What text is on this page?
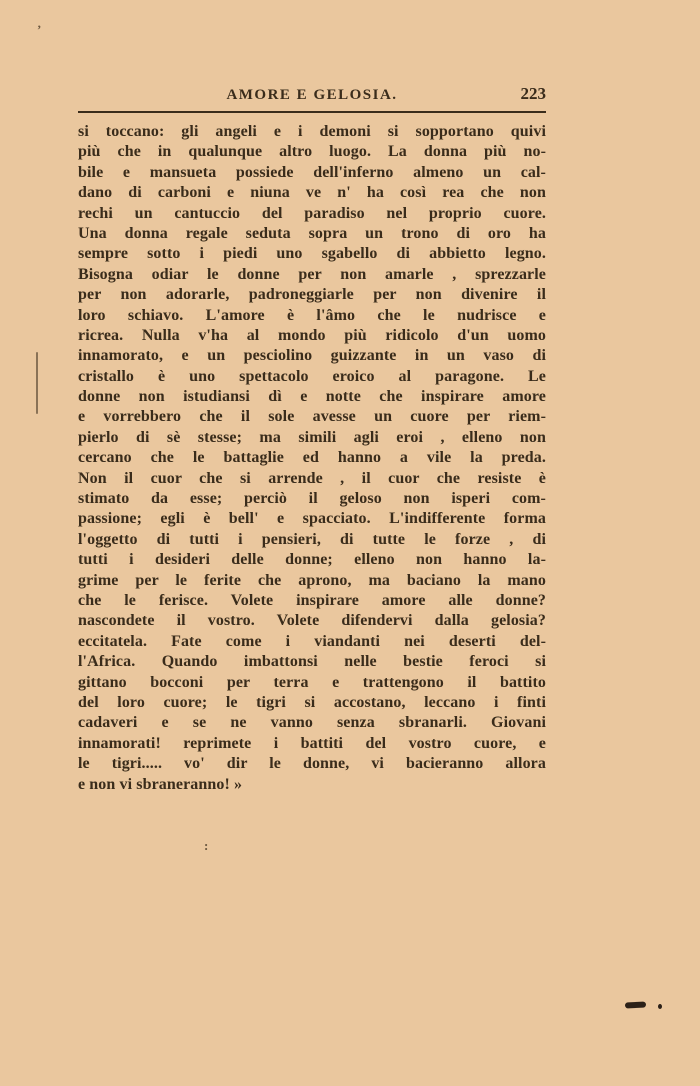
’
AMORE E GELOSIA.	223
si toccano: gli angeli e i demoni si sopportano quivi
più che in qualunque altro luogo. La donna più no-
bile e mansueta possiede dell'inferno almeno un cal-
dano di carboni e niuna ve n' ha così rea che non
rechi un cantuccio del paradiso nel proprio cuore.
Una donna regale seduta sopra un trono di oro ha
sempre sotto i piedi uno sgabello di abbietto legno.
Bisogna odiar le donne per non amarle , sprezzarle
per non adorarle, padroneggiarle per non divenire il
loro schiavo. L'amore è l'âmo che le nudrisce e
ricrea. Nulla v'ha al mondo più ridicolo d'un uomo
innamorato, e un pesciolino guizzante in un vaso di
cristallo è uno spettacolo eroico al paragone. Le
donne non istudiansi dì e notte che inspirare amore
e vorrebbero che il sole avesse un cuore per riem-
pierlo di sè stesse; ma simili agli eroi , elleno non
cercano che le battaglie ed hanno a vile la preda.
Non il cuor che si arrende , il cuor che resiste è
stimato da esse; perciò il geloso non isperi com-
passione; egli è bell' e spacciato. L'indifferente forma
l'oggetto di tutti i pensieri, di tutte le forze , di
tutti i desideri delle donne; elleno non hanno la-
grime per le ferite che aprono, ma baciano la mano
che le ferisce. Volete inspirare amore alle donne?
nascondete il vostro. Volete difendervi dalla gelosia?
eccitatela. Fate come i viandanti nei deserti del-
l'Africa. Quando imbattonsi nelle bestie feroci si
gittano bocconi per terra e trattengono il battito
del loro cuore; le tigri si accostano, leccano i finti
cadaveri e se ne vanno senza sbranarli. Giovani
innamorati! reprimete i battiti del vostro cuore, e
le tigri..... vo' dir le donne, vi bacieranno allora
e non vi sbraneranno! »
:
